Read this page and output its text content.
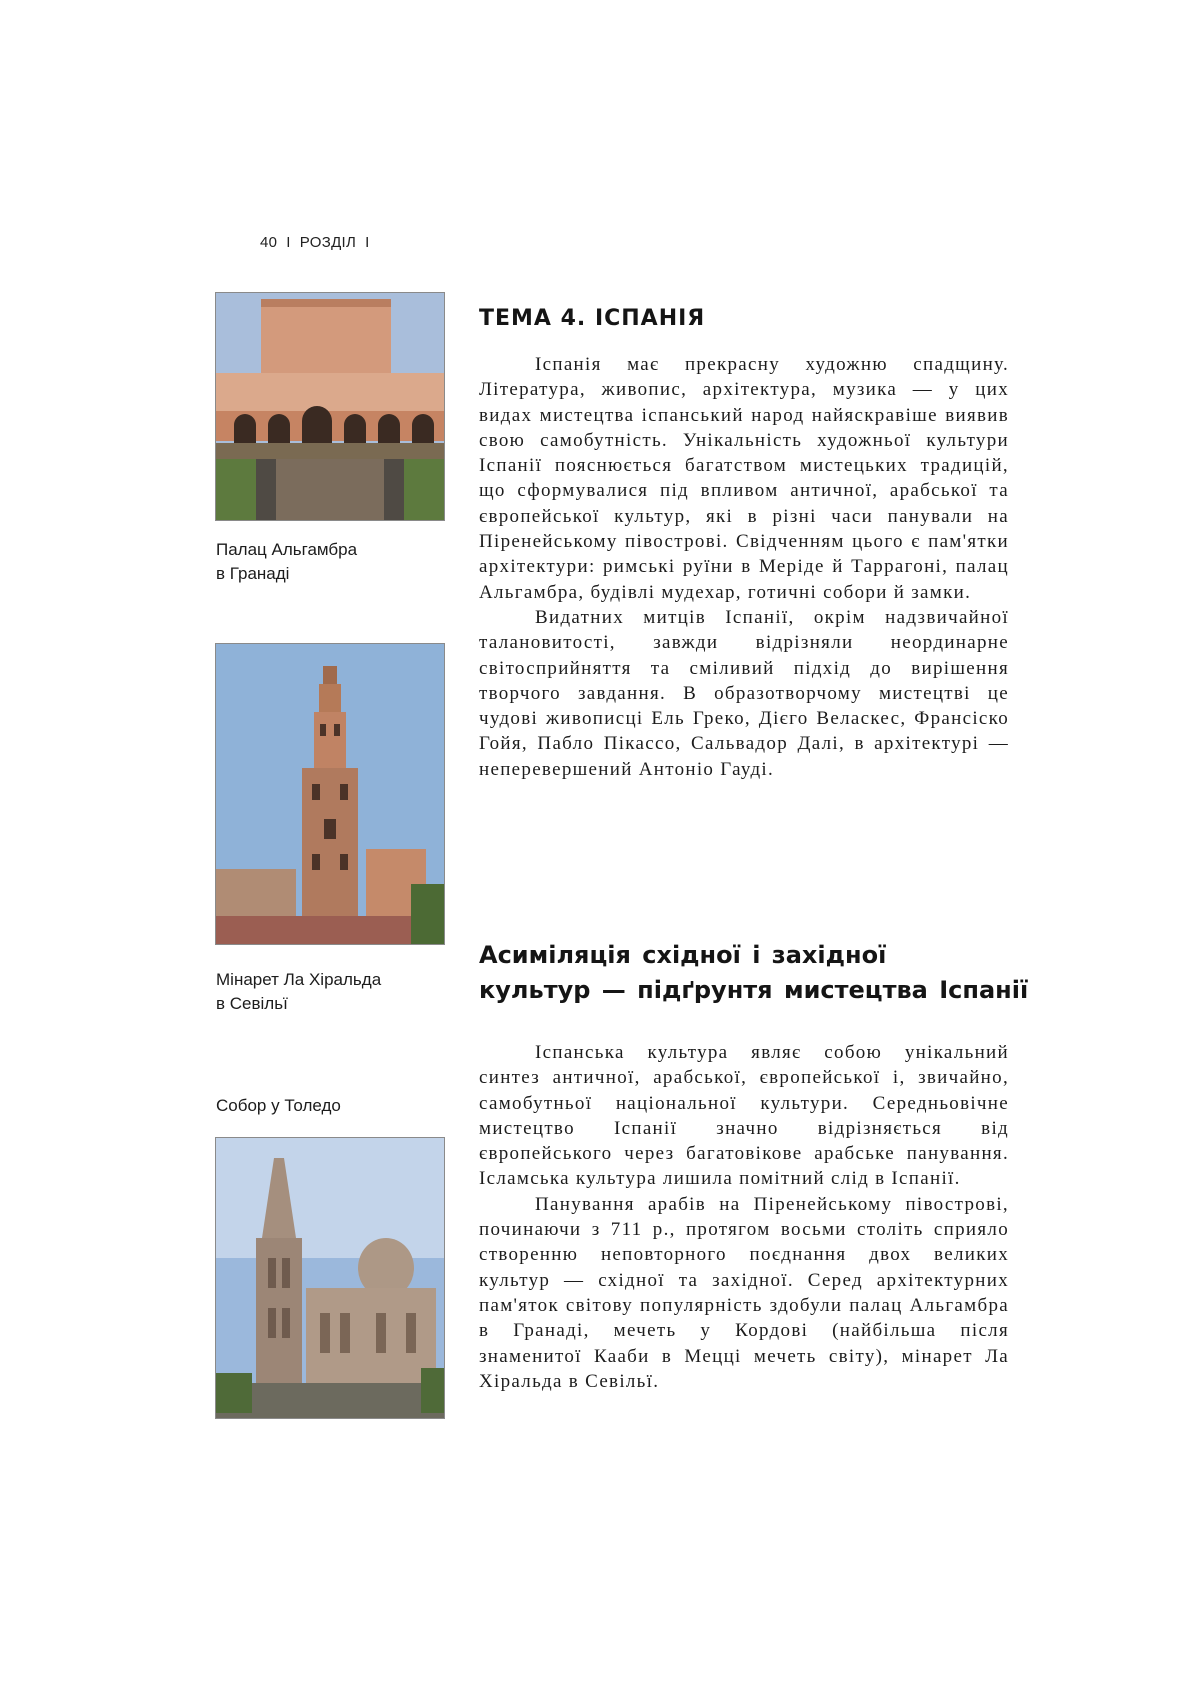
40 I РОЗДІЛ I
Палац Альгамбра
в Гранаді
Мінарет Ла Хіральда
в Севільї
Собор у Толедо
ТЕМА 4. ІСПАНІЯ

Іспанія має прекрасну художню спадщину. Література, живопис, архітектура, музика — у цих видах мистецтва іспанський народ найяскравіше виявив свою самобутність. Унікальність художньої культури Іспанії пояснюється багатством мистецьких традицій, що сформувалися під впливом античної, арабської та європейської культур, які в різні часи панували на Піренейському півострові. Свідченням цього є пам'ятки архітектури: римські руїни в Меріде й Таррагоні, палац Альгамбра, будівлі мудехар, готичні собори й замки.

Видатних митців Іспанії, окрім надзвичайної талановитості, завжди відрізняли неординарне світосприйняття та сміливий підхід до вирішення творчого завдання. В образотворчому мистецтві це чудові живописці Ель Греко, Дієго Веласкес, Франсіско Гойя, Пабло Пікассо, Сальвадор Далі, в архітектурі — неперевершений Антоніо Гауді.

Асиміляція східної і західної
культур — підґрунтя мистецтва Іспанії

Іспанська культура являє собою унікальний синтез античної, арабської, європейської і, звичайно, самобутньої національної культури. Середньовічне мистецтво Іспанії значно відрізняється від європейського через багатовікове арабське панування. Ісламська культура лишила помітний слід в Іспанії.

Панування арабів на Піренейському півострові, починаючи з 711 р., протягом восьми століть сприяло створенню неповторного поєднання двох великих культур — східної та західної. Серед архітектурних пам'яток світову популярність здобули палац Альгамбра в Гранаді, мечеть у Кордові (найбільша після знаменитої Кааби в Мецці мечеть світу), мінарет Ла Хіральда в Севільї.
